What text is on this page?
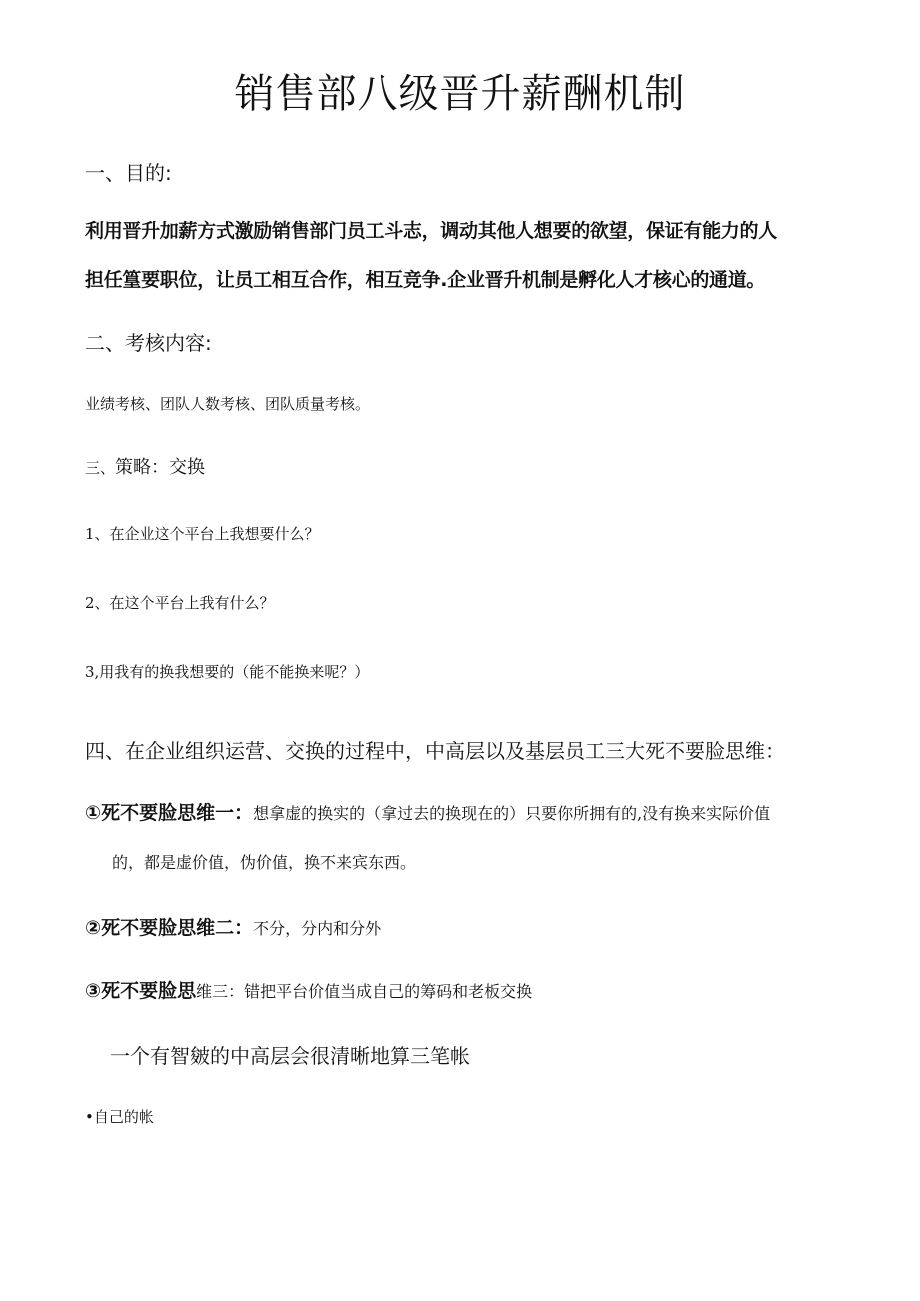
销售部八级晋升薪酬机制
一、目的:
利用晋升加薪方式激励销售部门员工斗志，调动其他人想要的欲望，保证有能力的人
担任篁要职位，让员工相互合作，相互竞争.企业晋升机制是孵化人才核心的通道。
二、考核内容:
业绩考核、团队人数考核、团队质量考核。
三、策略：交换
1、在企业这个平台上我想要什么？
2、在这个平台上我有什么？
3,用我有的换我想要的（能不能换来呢？）
四、在企业组织运营、交换的过程中，中高层以及基层员工三大死不要脸思维：
①死不要脸思维一：想拿虚的换实的（拿过去的换现在的）只要你所拥有的,没有换来实际价值
的，都是虚价值，伪价值，换不来宾东西。
②死不要脸思维二：不分，分内和分外
③死不要脸思维三：错把平台价值当成自己的筹码和老板交换
一个有智皴的中高层会很清晰地算三笔帐
•自己的帐
